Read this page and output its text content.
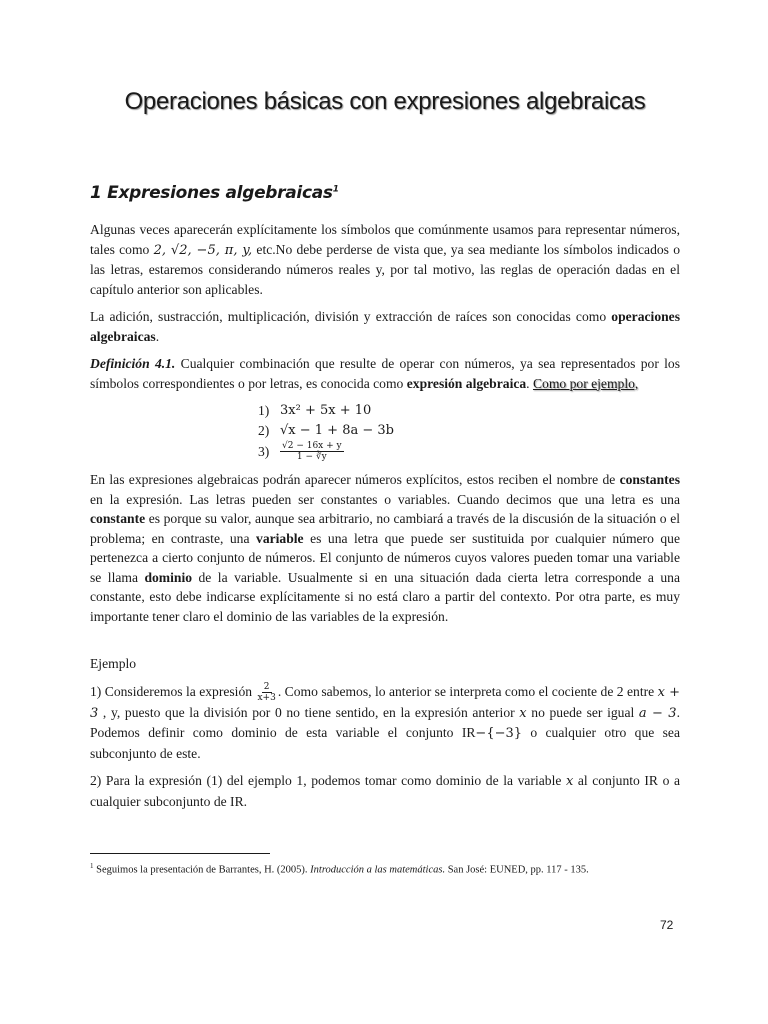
Operaciones básicas con expresiones algebraicas
1 Expresiones algebraicas$^1$

Algunas veces aparecerán explícitamente los símbolos que comúnmente usamos para representar números, tales como 2, √2, −5, π, y, etc.No debe perderse de vista que, ya sea mediante los símbolos indicados o las letras, estaremos considerando números reales y, por tal motivo, las reglas de operación dadas en el capítulo anterior son aplicables.

La adición, sustracción, multiplicación, división y extracción de raíces son conocidas como operaciones algebraicas.

Definición 4.1. Cualquier combinación que resulte de operar con números, ya sea representados por los símbolos correspondientes o por letras, es conocida como expresión algebraica. Como por ejemplo,

1) 3x² + 5x + 10
2) √x − 1 + 8a − 3b
3)	$\frac{√2 - 16x + y}{1 - ∛y}$

En las expresiones algebraicas podrán aparecer números explícitos, estos reciben el nombre de constantes en la expresión. Las letras pueden ser constantes o variables. Cuando decimos que una letra es una constante es porque su valor, aunque sea arbitrario, no cambiará a través de la discusión de la situación o el problema; en contraste, una variable es una letra que puede ser sustituida por cualquier número que pertenezca a cierto conjunto de números. El conjunto de números cuyos valores pueden tomar una variable se llama dominio de la variable. Usualmente si en una situación dada cierta letra corresponde a una constante, esto debe indicarse explícitamente si no está claro a partir del contexto. Por otra parte, es muy importante tener claro el dominio de las variables de la expresión.

Ejemplo

1) Consideremos la expresión $\frac{2}{x+3}$ . Como sabemos, lo anterior se interpreta como el cociente de 2 entre x + 3 , y, puesto que la división por 0 no tiene sentido, en la expresión anterior x no puede ser igual a − 3. Podemos definir como dominio de esta variable el conjunto IR−{−3} o cualquier otro que sea subconjunto de este.

2) Para la expresión (1) del ejemplo 1, podemos tomar como dominio de la variable x al conjunto IR o a cualquier subconjunto de IR.

$^1$ Seguimos la presentación de Barrantes, H. (2005). Introducción a las matemáticas. San José: EUNED, pp. 117 - 135.
72
